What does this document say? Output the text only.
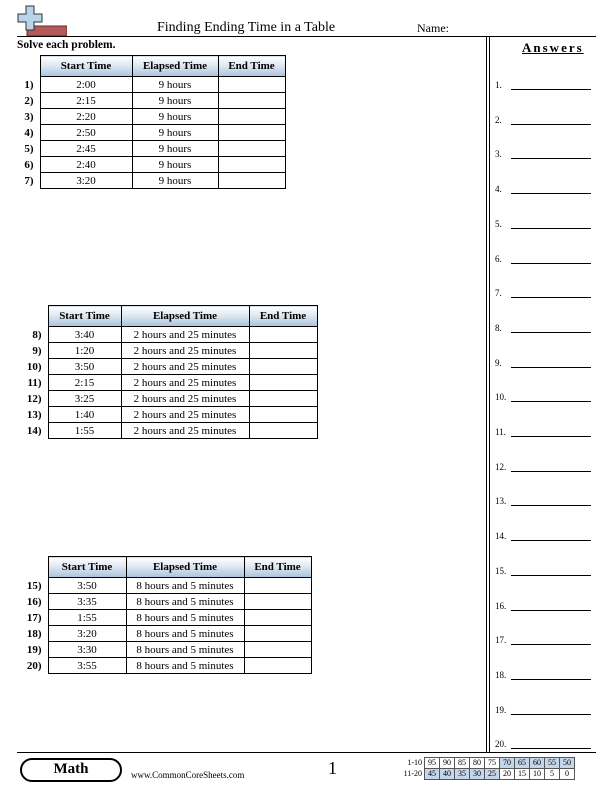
Finding Ending Time in a Table	Name:
Solve each problem.
	Start Time	Elapsed Time	End Time
1)	2:00	9 hours	
2)	2:15	9 hours	
3)	2:20	9 hours	
4)	2:50	9 hours	
5)	2:45	9 hours	
6)	2:40	9 hours	
7)	3:20	9 hours	
	Start Time	Elapsed Time	End Time
8)	3:40	2 hours and 25 minutes	
9)	1:20	2 hours and 25 minutes	
10)	3:50	2 hours and 25 minutes	
11)	2:15	2 hours and 25 minutes	
12)	3:25	2 hours and 25 minutes	
13)	1:40	2 hours and 25 minutes	
14)	1:55	2 hours and 25 minutes	
	Start Time	Elapsed Time	End Time
15)	3:50	8 hours and 5 minutes	
16)	3:35	8 hours and 5 minutes	
17)	1:55	8 hours and 5 minutes	
18)	3:20	8 hours and 5 minutes	
19)	3:30	8 hours and 5 minutes	
20)	3:55	8 hours and 5 minutes	
Answers
1.
2.
3.
4.
5.
6.
7.
8.
9.
10.
11.
12.
13.
14.
15.
16.
17.
18.
19.
20.
Math	www.CommonCoreSheets.com	1	1-10	95	90	85	80	75	70	65	60	55	50
11-20	45	40	35	30	25	20	15	10	5	0
